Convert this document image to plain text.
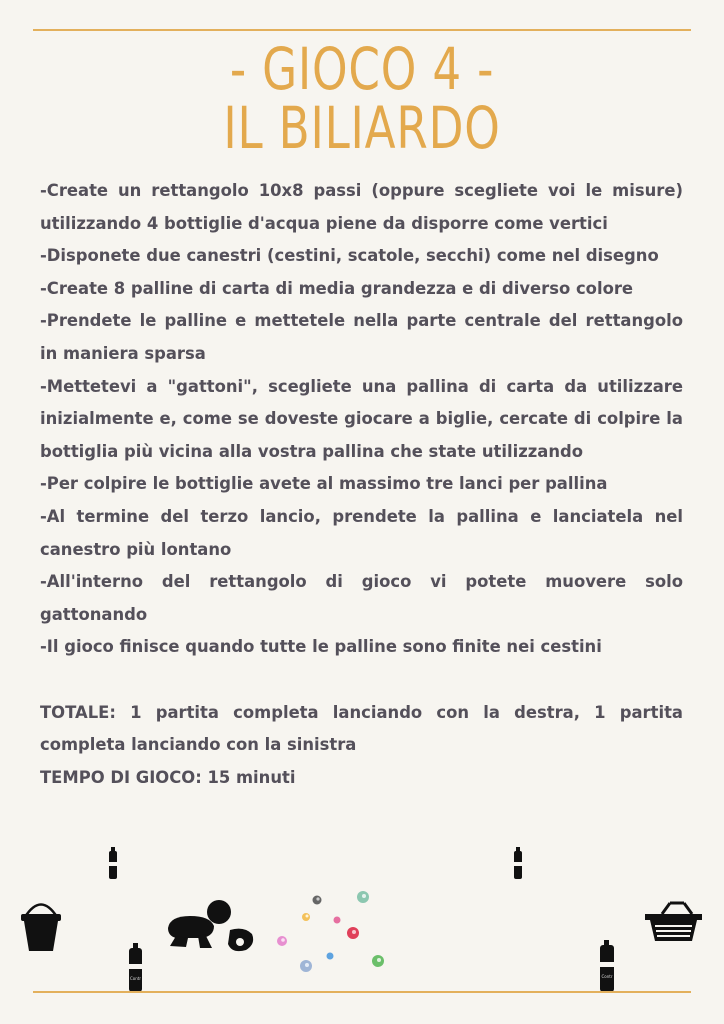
- GIOCO 4 -
IL BILIARDO

-Create un rettangolo 10x8 passi (oppure scegliete voi le misure) utilizzando 4 bottiglie d'acqua piene da disporre come vertici

-Disponete due canestri (cestini, scatole, secchi) come nel disegno

-Create 8 palline di carta di media grandezza e di diverso colore

-Prendete le palline e mettetele nella parte centrale del rettangolo in maniera sparsa

-Mettetevi a "gattoni", scegliete una pallina di carta da utilizzare inizialmente e, come se doveste giocare a biglie, cercate di colpire la bottiglia più vicina alla vostra pallina che state utilizzando

-Per colpire le bottiglie avete al massimo tre lanci per pallina

-Al termine del terzo lancio, prendete la pallina e lanciatela nel canestro più lontano

-All'interno del rettangolo di gioco vi potete muovere solo gattonando

-Il gioco finisce quando tutte le palline sono finite nei cestini

TOTALE: 1 partita completa lanciando con la destra, 1 partita completa lanciando con la sinistra

TEMPO DI GIOCO: 15 minuti

Contr	Contr
